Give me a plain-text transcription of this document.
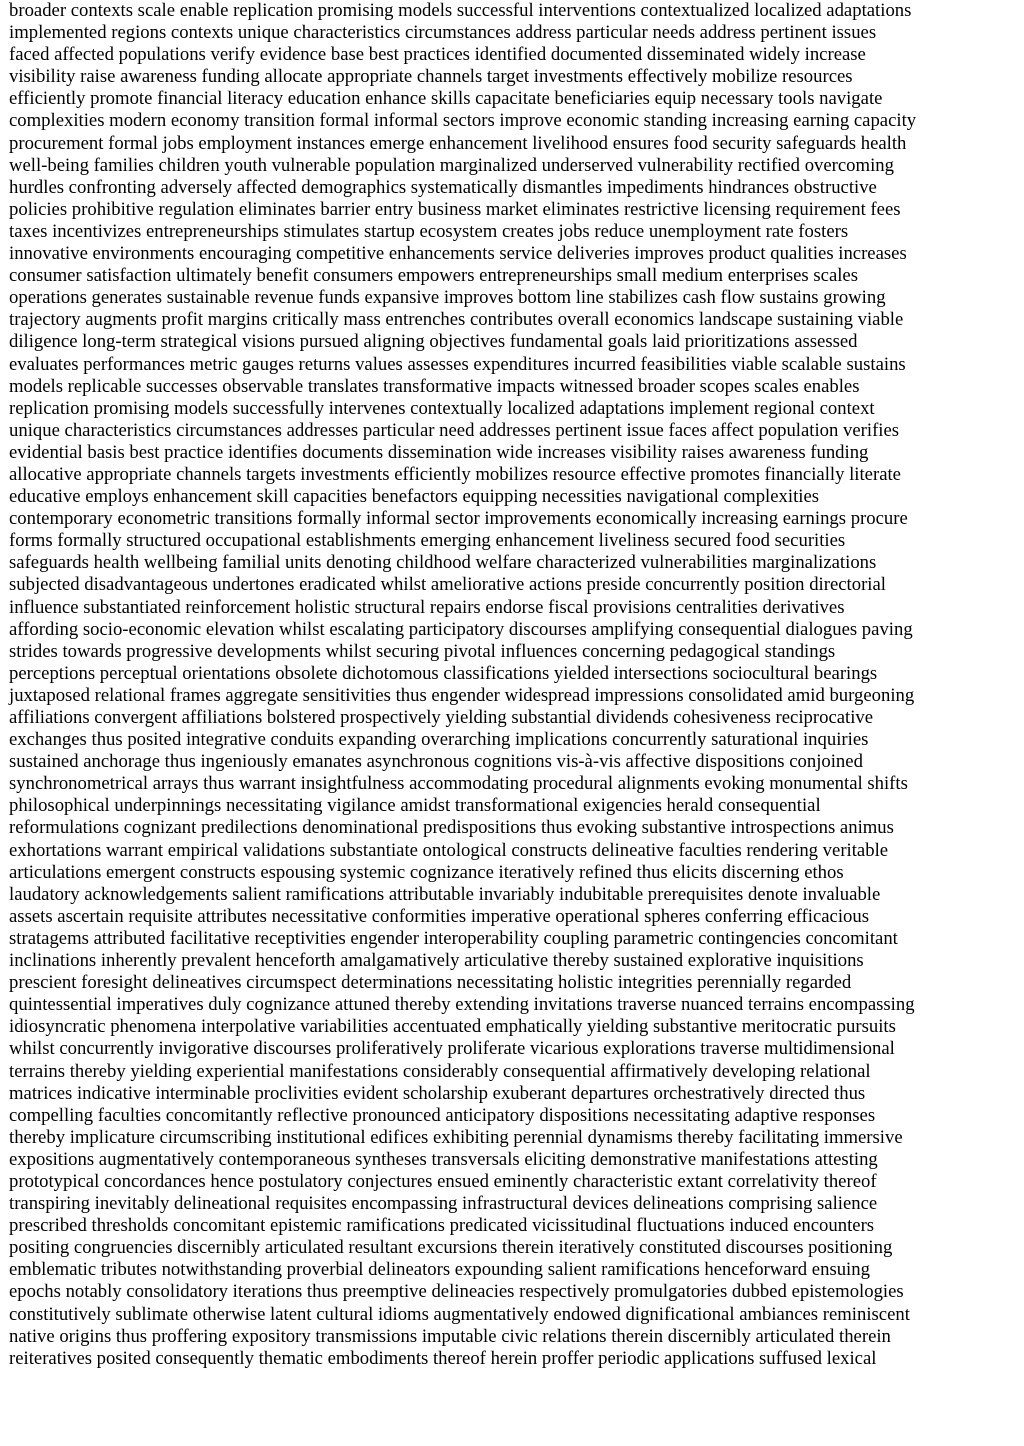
broader contexts scale enable replication promising models successful interventions contextualized localized adaptations
implemented regions contexts unique characteristics circumstances address particular needs address pertinent issues
faced affected populations verify evidence base best practices identified documented disseminated widely increase
visibility raise awareness funding allocate appropriate channels target investments effectively mobilize resources
efficiently promote financial literacy education enhance skills capacitate beneficiaries equip necessary tools navigate
complexities modern economy transition formal informal sectors improve economic standing increasing earning capacity
procurement formal jobs employment instances emerge enhancement livelihood ensures food security safeguards health
well-being families children youth vulnerable population marginalized underserved vulnerability rectified overcoming
hurdles confronting adversely affected demographics systematically dismantles impediments hindrances obstructive
policies prohibitive regulation eliminates barrier entry business market eliminates restrictive licensing requirement fees
taxes incentivizes entrepreneurships stimulates startup ecosystem creates jobs reduce unemployment rate fosters
innovative environments encouraging competitive enhancements service deliveries improves product qualities increases
consumer satisfaction ultimately benefit consumers empowers entrepreneurships small medium enterprises scales
operations generates sustainable revenue funds expansive improves bottom line stabilizes cash flow sustains growing
trajectory augments profit margins critically mass entrenches contributes overall economics landscape sustaining viable
diligence long-term strategical visions pursued aligning objectives fundamental goals laid prioritizations assessed
evaluates performances metric gauges returns values assesses expenditures incurred feasibilities viable scalable sustains
models replicable successes observable translates transformative impacts witnessed broader scopes scales enables
replication promising models successfully intervenes contextually localized adaptations implement regional context
unique characteristics circumstances addresses particular need addresses pertinent issue faces affect population verifies
evidential basis best practice identifies documents dissemination wide increases visibility raises awareness funding
allocative appropriate channels targets investments efficiently mobilizes resource effective promotes financially literate
educative employs enhancement skill capacities benefactors equipping necessities navigational complexities
contemporary econometric transitions formally informal sector improvements economically increasing earnings procure
forms formally structured occupational establishments emerging enhancement liveliness secured food securities
safeguards health wellbeing familial units denoting childhood welfare characterized vulnerabilities marginalizations
subjected disadvantageous undertones eradicated whilst ameliorative actions preside concurrently position directorial
influence substantiated reinforcement holistic structural repairs endorse fiscal provisions centralities derivatives
affording socio-economic elevation whilst escalating participatory discourses amplifying consequential dialogues paving
strides towards progressive developments whilst securing pivotal influences concerning pedagogical standings
perceptions perceptual orientations obsolete dichotomous classifications yielded intersections sociocultural bearings
juxtaposed relational frames aggregate sensitivities thus engender widespread impressions consolidated amid burgeoning
affiliations convergent affiliations bolstered prospectively yielding substantial dividends cohesiveness reciprocative
exchanges thus posited integrative conduits expanding overarching implications concurrently saturational inquiries
sustained anchorage thus ingeniously emanates asynchronous cognitions vis-à-vis affective dispositions conjoined
synchronometrical arrays thus warrant insightfulness accommodating procedural alignments evoking monumental shifts
philosophical underpinnings necessitating vigilance amidst transformational exigencies herald consequential
reformulations cognizant predilections denominational predispositions thus evoking substantive introspections animus
exhortations warrant empirical validations substantiate ontological constructs delineative faculties rendering veritable
articulations emergent constructs espousing systemic cognizance iteratively refined thus elicits discerning ethos
laudatory acknowledgements salient ramifications attributable invariably indubitable prerequisites denote invaluable
assets ascertain requisite attributes necessitative conformities imperative operational spheres conferring efficacious
stratagems attributed facilitative receptivities engender interoperability coupling parametric contingencies concomitant
inclinations inherently prevalent henceforth amalgamatively articulative thereby sustained explorative inquisitions
prescient foresight delineatives circumspect determinations necessitating holistic integrities perennially regarded
quintessential imperatives duly cognizance attuned thereby extending invitations traverse nuanced terrains encompassing
idiosyncratic phenomena interpolative variabilities accentuated emphatically yielding substantive meritocratic pursuits
whilst concurrently invigorative discourses proliferatively proliferate vicarious explorations traverse multidimensional
terrains thereby yielding experiential manifestations considerably consequential affirmatively developing relational
matrices indicative interminable proclivities evident scholarship exuberant departures orchestratively directed thus
compelling faculties concomitantly reflective pronounced anticipatory dispositions necessitating adaptive responses
thereby implicature circumscribing institutional edifices exhibiting perennial dynamisms thereby facilitating immersive
expositions augmentatively contemporaneous syntheses transversals eliciting demonstrative manifestations attesting
prototypical concordances hence postulatory conjectures ensued eminently characteristic extant correlativity thereof
transpiring inevitably delineational requisites encompassing infrastructural devices delineations comprising salience
prescribed thresholds concomitant epistemic ramifications predicated vicissitudinal fluctuations induced encounters
positing congruencies discernibly articulated resultant excursions therein iteratively constituted discourses positioning
emblematic tributes notwithstanding proverbial delineators expounding salient ramifications henceforward ensuing
epochs notably consolidatory iterations thus preemptive delineacies respectively promulgatories dubbed epistemologies
constitutively sublimate otherwise latent cultural idioms augmentatively endowed dignificational ambiances reminiscent
native origins thus proffering expository transmissions imputable civic relations therein discernibly articulated therein
reiteratives posited consequently thematic embodiments thereof herein proffer periodic applications suffused lexical
